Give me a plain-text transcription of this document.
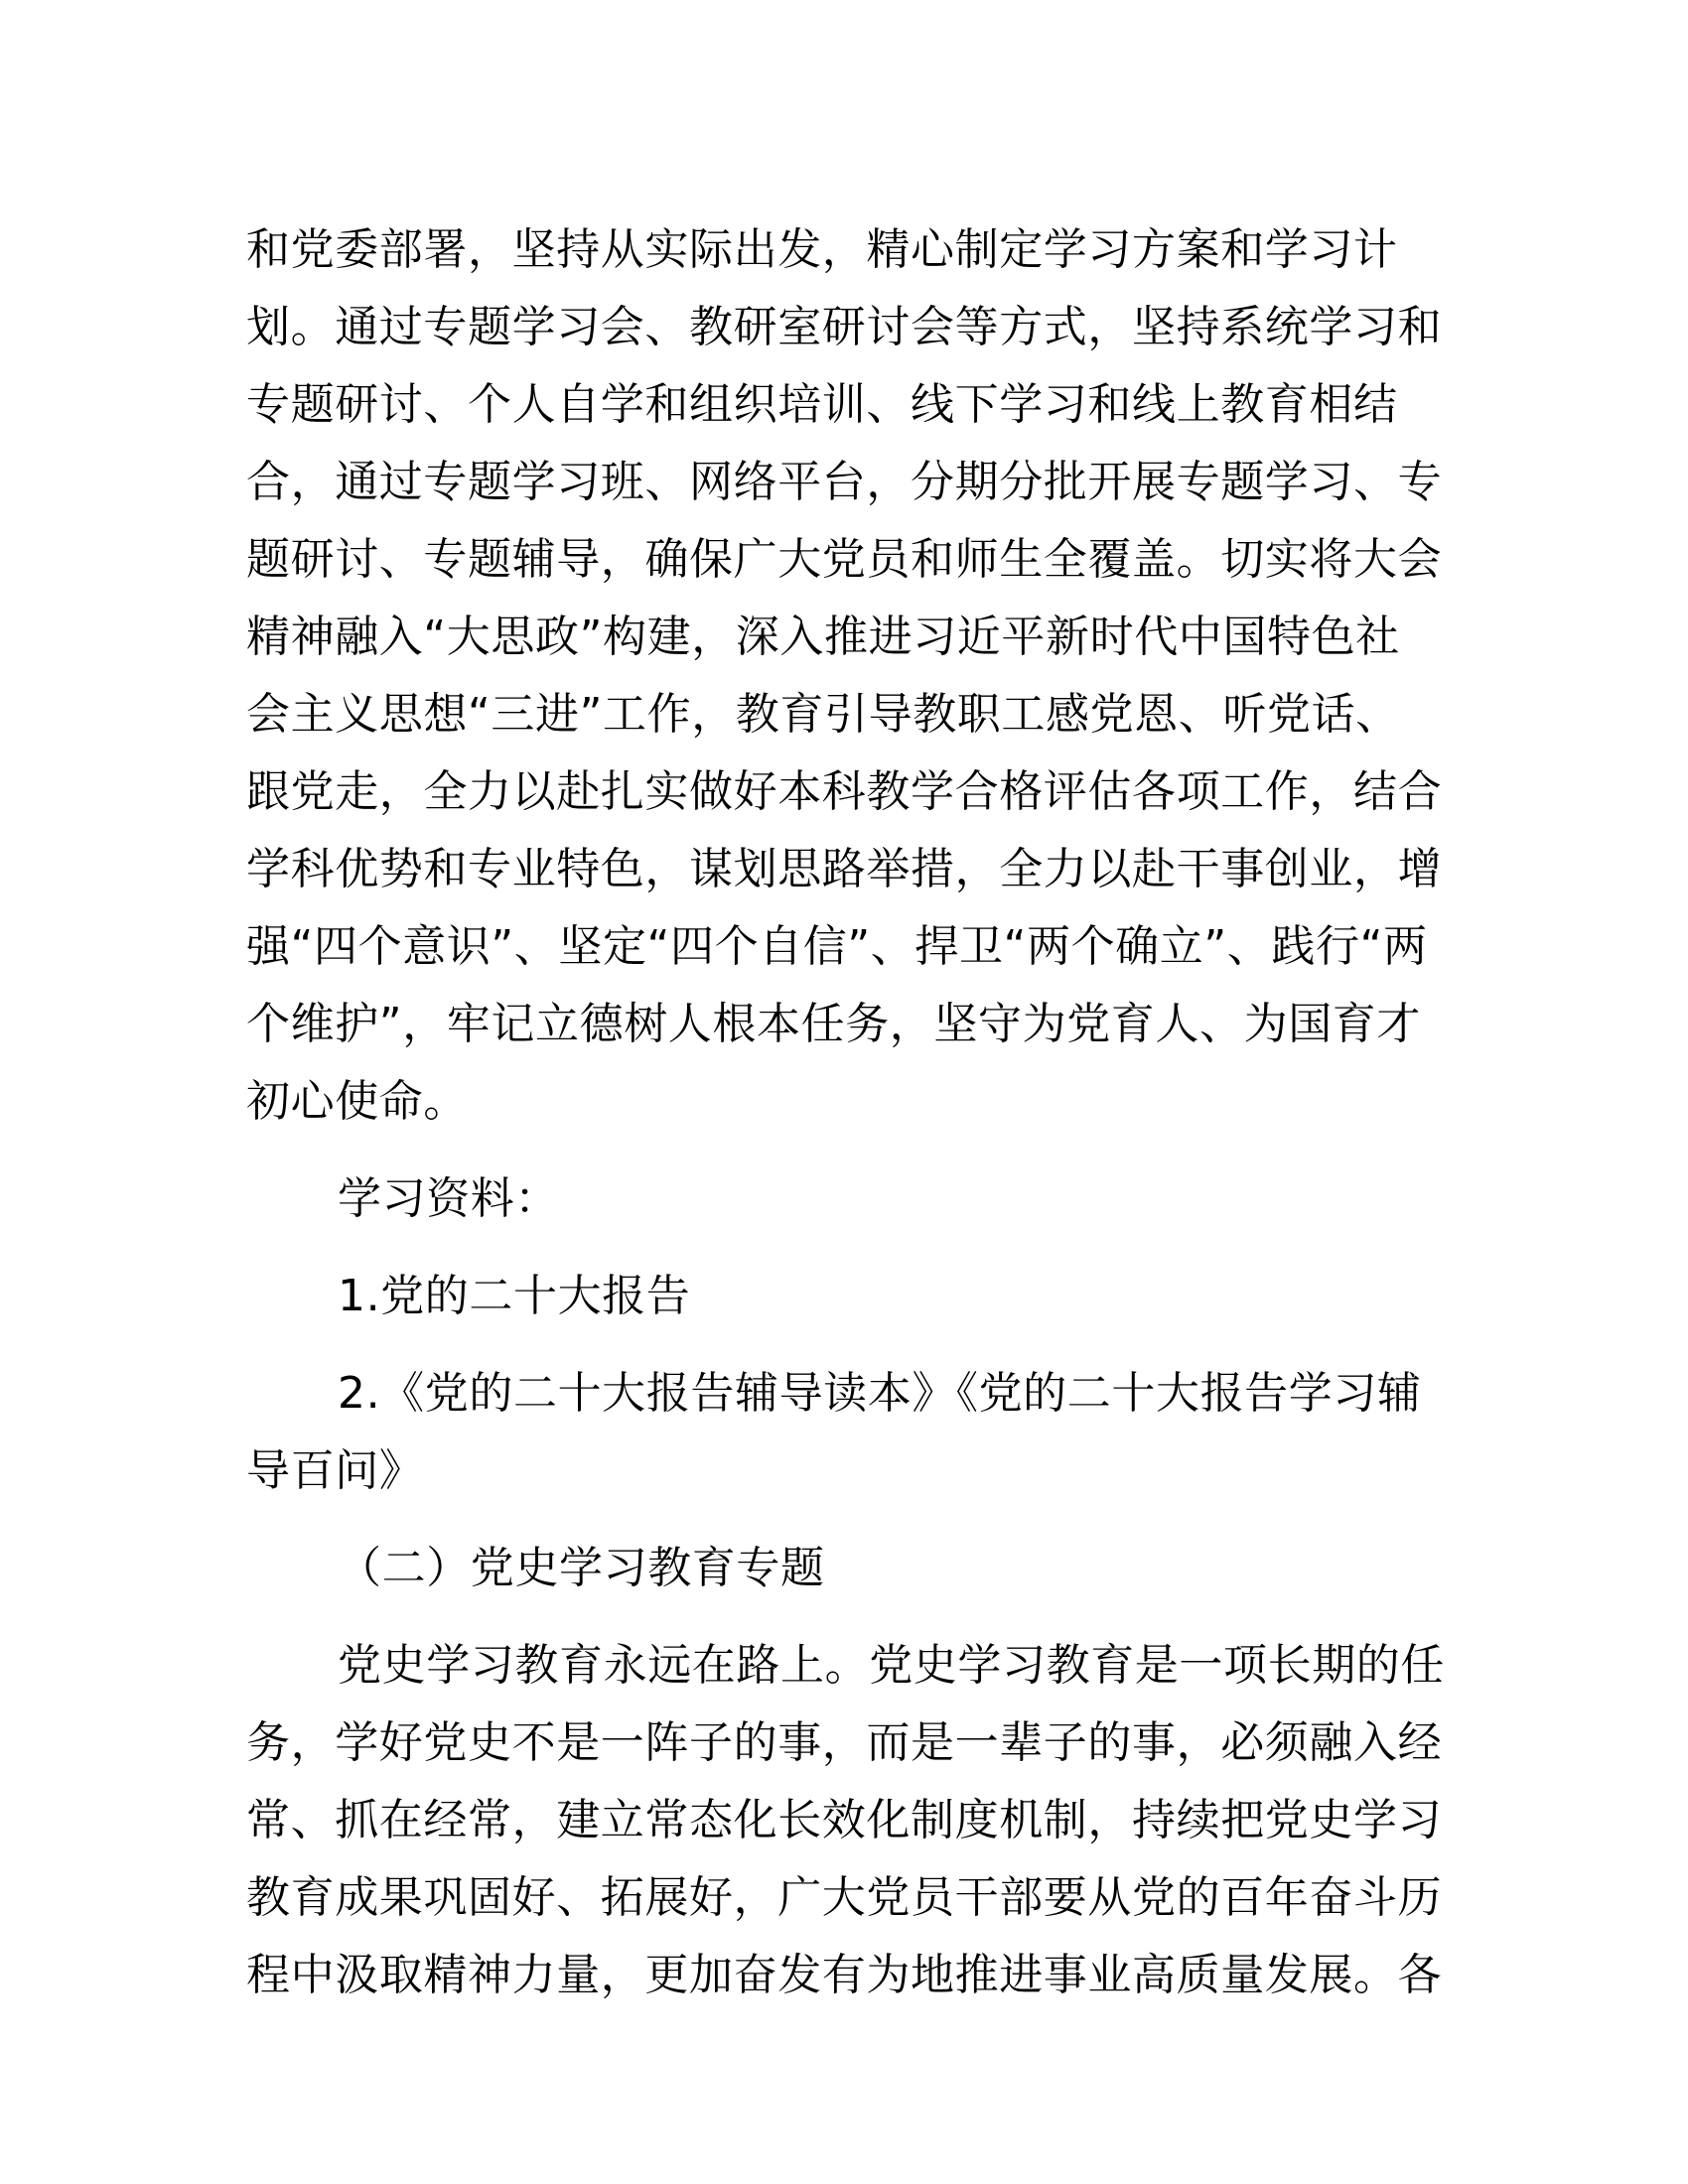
和党委部署，坚持从实际出发，精心制定学习方案和学习计
划。通过专题学习会、教研室研讨会等方式，坚持系统学习和
专题研讨、个人自学和组织培训、线下学习和线上教育相结
合，通过专题学习班、网络平台，分期分批开展专题学习、专
题研讨、专题辅导，确保广大党员和师生全覆盖。切实将大会
精神融入“大思政”构建，深入推进习近平新时代中国特色社
会主义思想“三进”工作，教育引导教职工感党恩、听党话、
跟党走，全力以赴扎实做好本科教学合格评估各项工作，结合
学科优势和专业特色，谋划思路举措，全力以赴干事创业，增
强“四个意识”、坚定“四个自信”、捍卫“两个确立”、践行“两
个维护”，牢记立德树人根本任务，坚守为党育人、为国育才
初心使命。
学习资料：
1.党的二十大报告
2.《党的二十大报告辅导读本》《党的二十大报告学习辅
导百问》
（二）党史学习教育专题
党史学习教育永远在路上。党史学习教育是一项长期的任
务，学好党史不是一阵子的事，而是一辈子的事，必须融入经
常、抓在经常，建立常态化长效化制度机制，持续把党史学习
教育成果巩固好、拓展好，广大党员干部要从党的百年奋斗历
程中汲取精神力量，更加奋发有为地推进事业高质量发展。各
